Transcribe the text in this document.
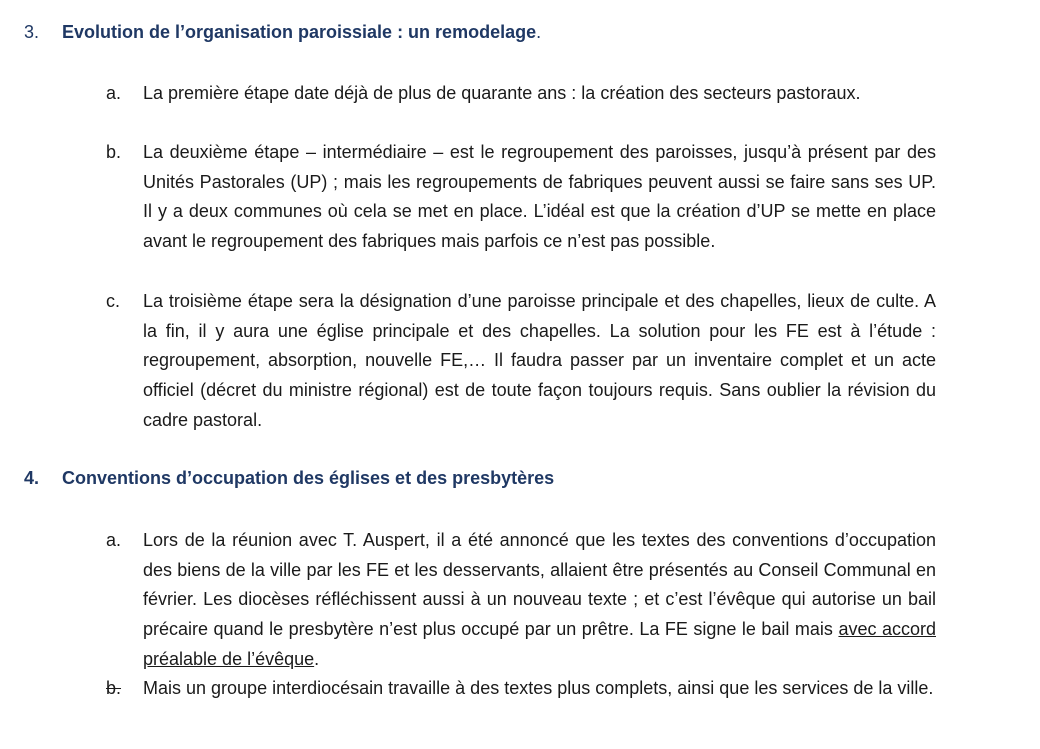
3. Evolution de l’organisation paroissiale : un remodelage.
a.	La première étape date déjà de plus de quarante ans : la création des secteurs pastoraux.
b.	La deuxième étape – intermédiaire – est le regroupement des paroisses, jusqu’à présent par des Unités Pastorales (UP) ; mais les regroupements de fabriques peuvent aussi se faire sans ses UP. Il y a deux communes où cela se met en place. L’idéal est que la création d’UP se mette en place avant le regroupement des fabriques mais parfois ce n’est pas possible.
c.	La troisième étape sera la désignation d’une paroisse principale et des chapelles, lieux de culte. A la fin, il y aura une église principale et des chapelles. La solution pour les FE est à l’étude : regroupement, absorption, nouvelle FE,… Il faudra passer par un inventaire complet et un acte officiel (décret du ministre régional) est de toute façon toujours requis. Sans oublier la révision du cadre pastoral.
4. Conventions d’occupation des églises et des presbytères
a.	Lors de la réunion avec T. Auspert, il a été annoncé que les textes des conventions d’occupation des biens de la ville par les FE et les desservants, allaient être présentés au Conseil Communal en février. Les diocèses réfléchissent aussi à un nouveau texte ; et c’est l’évêque qui autorise un bail précaire quand le presbytère n’est plus occupé par un prêtre. La FE signe le bail mais avec accord préalable de l’évêque.
b.	Mais un groupe interdiocésain travaille à des textes plus complets, ainsi que les services de la ville.
